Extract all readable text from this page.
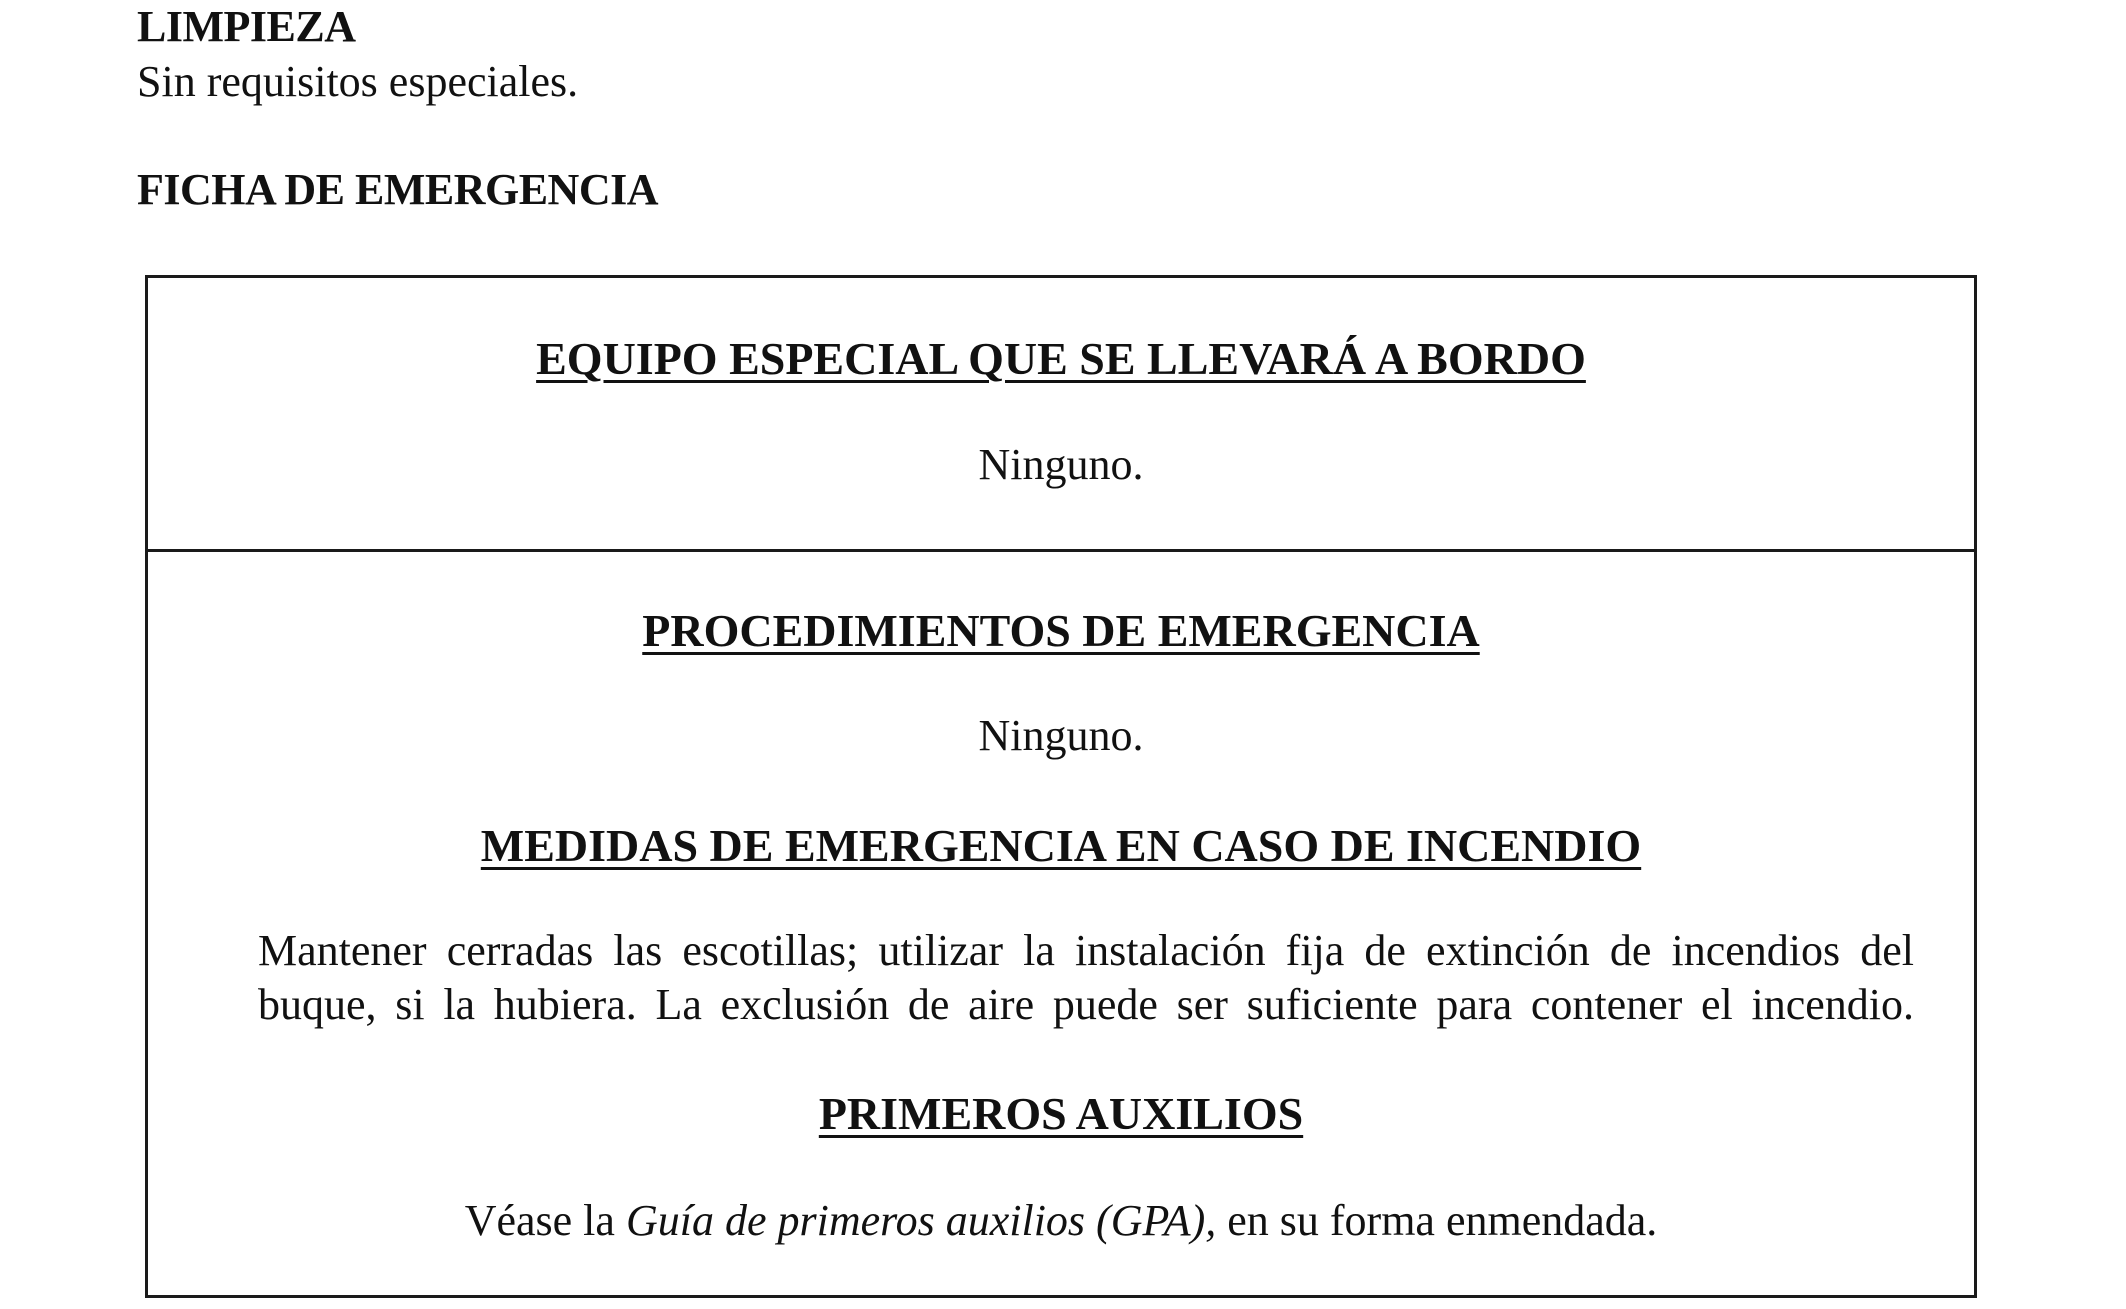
LIMPIEZA
Sin requisitos especiales.
FICHA DE EMERGENCIA
EQUIPO ESPECIAL QUE SE LLEVARÁ A BORDO
Ninguno.
PROCEDIMIENTOS DE EMERGENCIA
Ninguno.
MEDIDAS DE EMERGENCIA EN CASO DE INCENDIO
Mantener cerradas las escotillas; utilizar la instalación fija de extinción de incendios del
buque, si la hubiera. La exclusión de aire puede ser suficiente para contener el incendio.
PRIMEROS AUXILIOS
Véase la Guía de primeros auxilios (GPA), en su forma enmendada.
